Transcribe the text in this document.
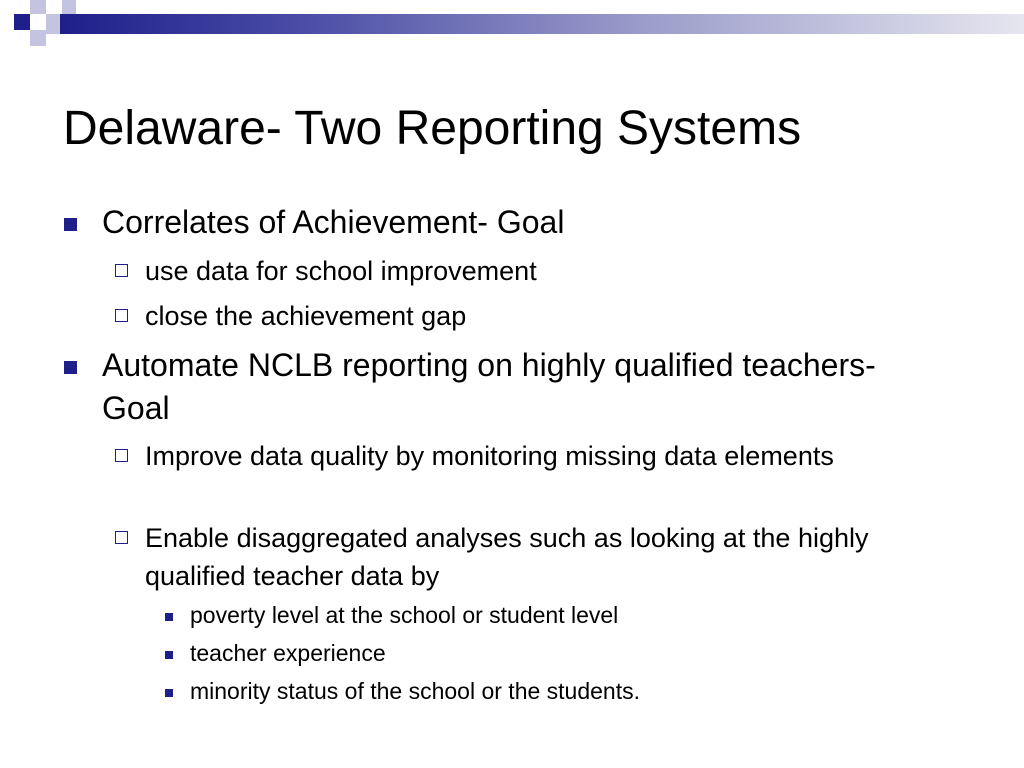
Delaware- Two Reporting Systems
Correlates of Achievement- Goal
use data for school improvement
close the achievement gap
Automate NCLB reporting on highly qualified teachers- Goal
Improve data quality by monitoring missing data elements
Enable disaggregated analyses such as looking at the highly qualified teacher data by
poverty level at the school or student level
teacher experience
minority status of the school or the students.
